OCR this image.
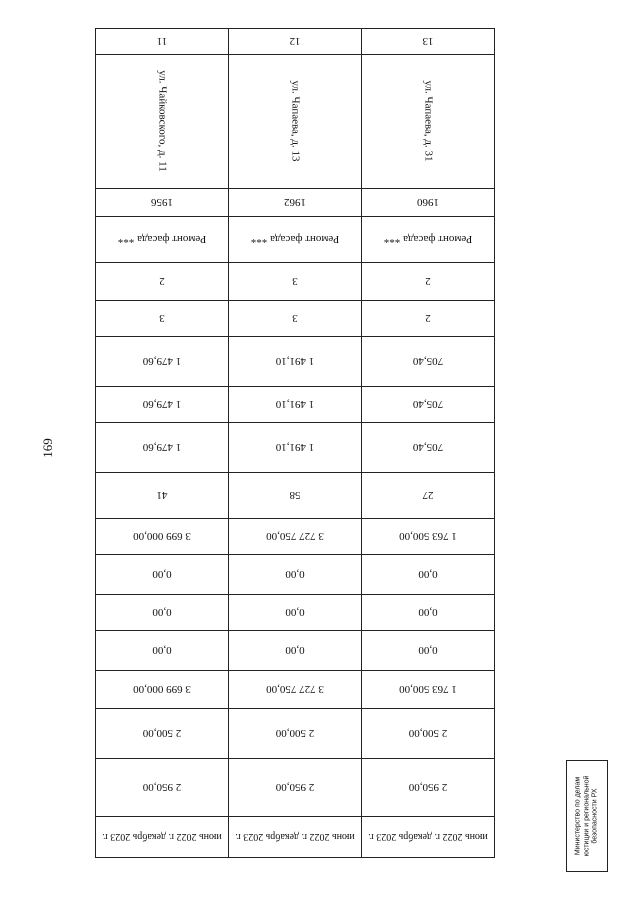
169
июнь 2022 г. декабрь 2023 г.
июнь 2022 г. декабрь 2023 г.
июнь 2022 г. декабрь 2023 г.
2 950,00
2 950,00
2 950,00
2 500,00
2 500,00
2 500,00
1 763 500,00
3 727 750,00
3 699 000,00
0,00
0,00
0,00
0,00
0,00
0,00
0,00
0,00
0,00
1 763 500,00
3 727 750,00
3 699 000,00
27
58
41
705,40
1 491,10
1 479,60
705,40
1 491,10
1 479,60
705,40
1 491,10
1 479,60
2
3
3
2
3
2
Ремонт фасада ***
Ремонт фасада ***
Ремонт фасада ***
1960
1962
1956
ул. Чапаева, д. 31
ул. Чапаева, д. 13
ул. Чайковского, д. 11
13
12
11
Министерство по делам юстиции и региональной безопасности РХ
